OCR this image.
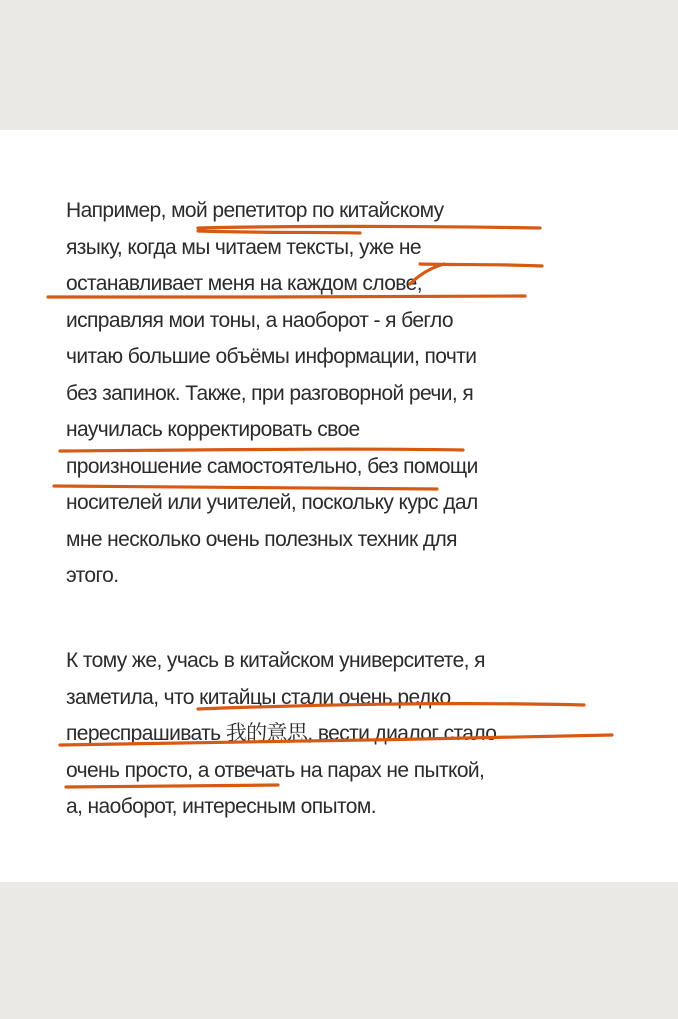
Например, мой репетитор по китайскому
языку, когда мы читаем тексты, уже не
останавливает меня на каждом слове,
исправляя мои тоны, а наоборот - я бегло
читаю большие объёмы информации, почти
без запинок. Также, при разговорной речи, я
научилась корректировать свое
произношение самостоятельно, без помощи
носителей или учителей, поскольку курс дал
мне несколько очень полезных техник для
этого.

К тому же, учась в китайском университете, я
заметила, что китайцы стали очень редко
переспрашивать 我的意思, вести диалог стало
очень просто, а отвечать на парах не пыткой,
а, наоборот, интересным опытом.
